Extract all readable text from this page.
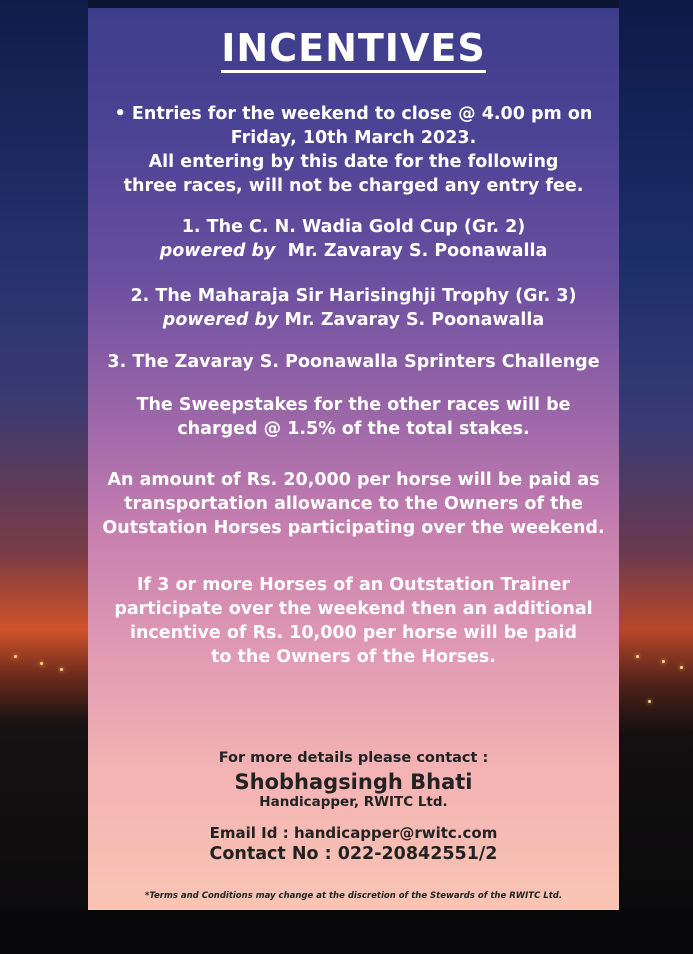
INCENTIVES

• Entries for the weekend to close @ 4.00 pm on

Friday, 10th March 2023.

All entering by this date for the following

three races, will not be charged any entry fee.

1. The C. N. Wadia Gold Cup (Gr. 2)

powered by Mr. Zavaray S. Poonawalla

2. The Maharaja Sir Harisinghji Trophy (Gr. 3)

powered by Mr. Zavaray S. Poonawalla

3. The Zavaray S. Poonawalla Sprinters Challenge

The Sweepstakes for the other races will be

charged @ 1.5% of the total stakes.

An amount of Rs. 20,000 per horse will be paid as

transportation allowance to the Owners of the

Outstation Horses participating over the weekend.

If 3 or more Horses of an Outstation Trainer

participate over the weekend then an additional

incentive of Rs. 10,000 per horse will be paid

to the Owners of the Horses.

For more details please contact :

Shobhagsingh Bhati

Handicapper, RWITC Ltd.

Email Id : handicapper@rwitc.com

Contact No : 022-20842551/2

*Terms and Conditions may change at the discretion of the Stewards of the RWITC Ltd.
